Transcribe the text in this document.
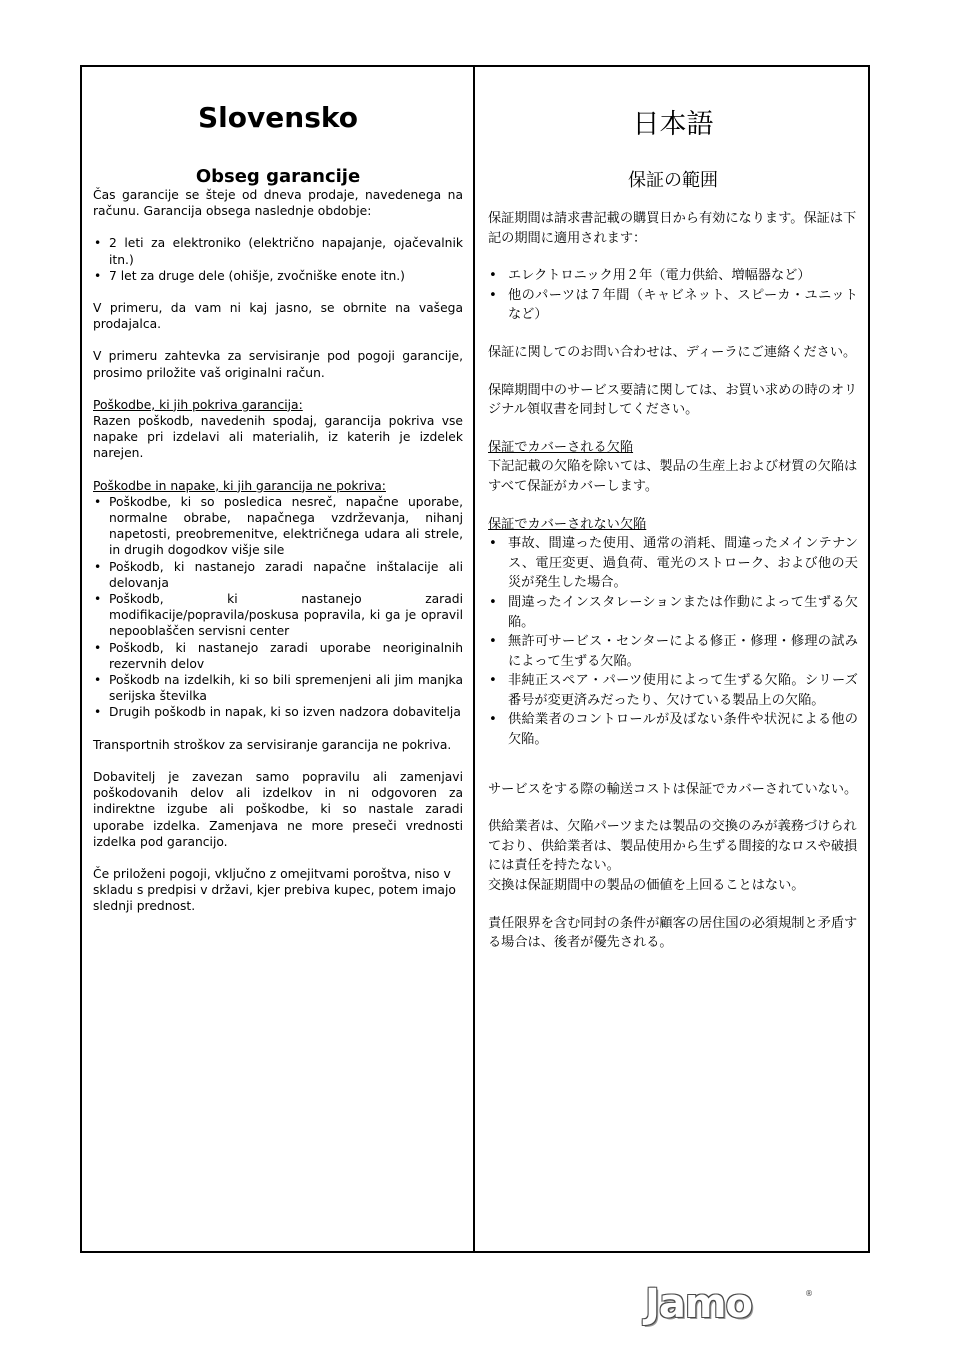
Slovensko
Obseg garancije

Čas garancije se šteje od dneva prodaje, navedenega na računu. Garancija obsega naslednje obdobje:

• 2 leti za elektroniko (električno napajanje, ojačevalnik itn.)
• 7 let za druge dele (ohišje, zvočniške enote itn.)

V primeru, da vam ni kaj jasno, se obrnite na vašega prodajalca.

V primeru zahtevka za servisiranje pod pogoji garancije, prosimo priložite vaš originalni račun.

Poškodbe, ki jih pokriva garancija:

Razen poškodb, navedenih spodaj, garancija pokriva vse napake pri izdelavi ali materialih, iz katerih je izdelek narejen.

Poškodbe in napake, ki jih garancija ne pokriva:

• Poškodbe, ki so posledica nesreč, napačne uporabe, normalne obrabe, napačnega vzdrževanja, nihanj napetosti, preobremenitve, električnega udara ali strele, in drugih dogodkov višje sile
• Poškodb, ki nastanejo zaradi napačne inštalacije ali delovanja
• Poškodb, ki nastanejo zaradi modifikacije/popravila/poskusa popravila, ki ga je opravil nepooblaščen servisni center
• Poškodb, ki nastanejo zaradi uporabe neoriginalnih rezervnih delov
• Poškodb na izdelkih, ki so bili spremenjeni ali jim manjka serijska številka
• Drugih poškodb in napak, ki so izven nadzora dobavitelja

Transportnih stroškov za servisiranje garancija ne pokriva.

Dobavitelj je zavezan samo popravilu ali zamenjavi poškodovanih delov ali izdelkov in ni odgovoren za indirektne izgube ali poškodbe, ki so nastale zaradi uporabe izdelka. Zamenjava ne more preseči vrednosti izdelka pod garancijo.

Če priloženi pogoji, vključno z omejitvami poroštva, niso v skladu s predpisi v državi, kjer prebiva kupec, potem imajo slednji prednost.

日本語
保証の範囲

保証期間は請求書記載の購買日から有効になります。保証は下記の期間に適用されます：

• エレクトロニック用２年（電力供給、増幅器など）
• 他のパーツは７年間（キャビネット、スピーカ・ユニットなど）

保証に関してのお問い合わせは、ディーラにご連絡ください。

保障期間中のサービス要請に関しては、お買い求めの時のオリジナル領収書を同封してください。

保証でカバーされる欠陥

下記記載の欠陥を除いては、製品の生産上および材質の欠陥はすべて保証がカバーします。

保証でカバーされない欠陥

• 事故、間違った使用、通常の消耗、間違ったメインテナンス、電圧変更、過負荷、電光のストローク、および他の天災が発生した場合。
• 間違ったインスタレーションまたは作動によって生ずる欠陥。
• 無許可サービス・センターによる修正・修理・修理の試みによって生ずる欠陥。
• 非純正スペア・パーツ使用によって生ずる欠陥。シリーズ番号が変更済みだったり、欠けている製品上の欠陥。
• 供給業者のコントロールが及ばない条件や状況による他の欠陥。

サービスをする際の輸送コストは保証でカバーされていない。

供給業者は、欠陥パーツまたは製品の交換のみが義務づけられており、供給業者は、製品使用から生ずる間接的なロスや破損には責任を持たない。

交換は保証期間中の製品の価値を上回ることはない。

責任限界を含む同封の条件が顧客の居住国の必須規制と矛盾する場合は、後者が優先される。

Jamo	®
